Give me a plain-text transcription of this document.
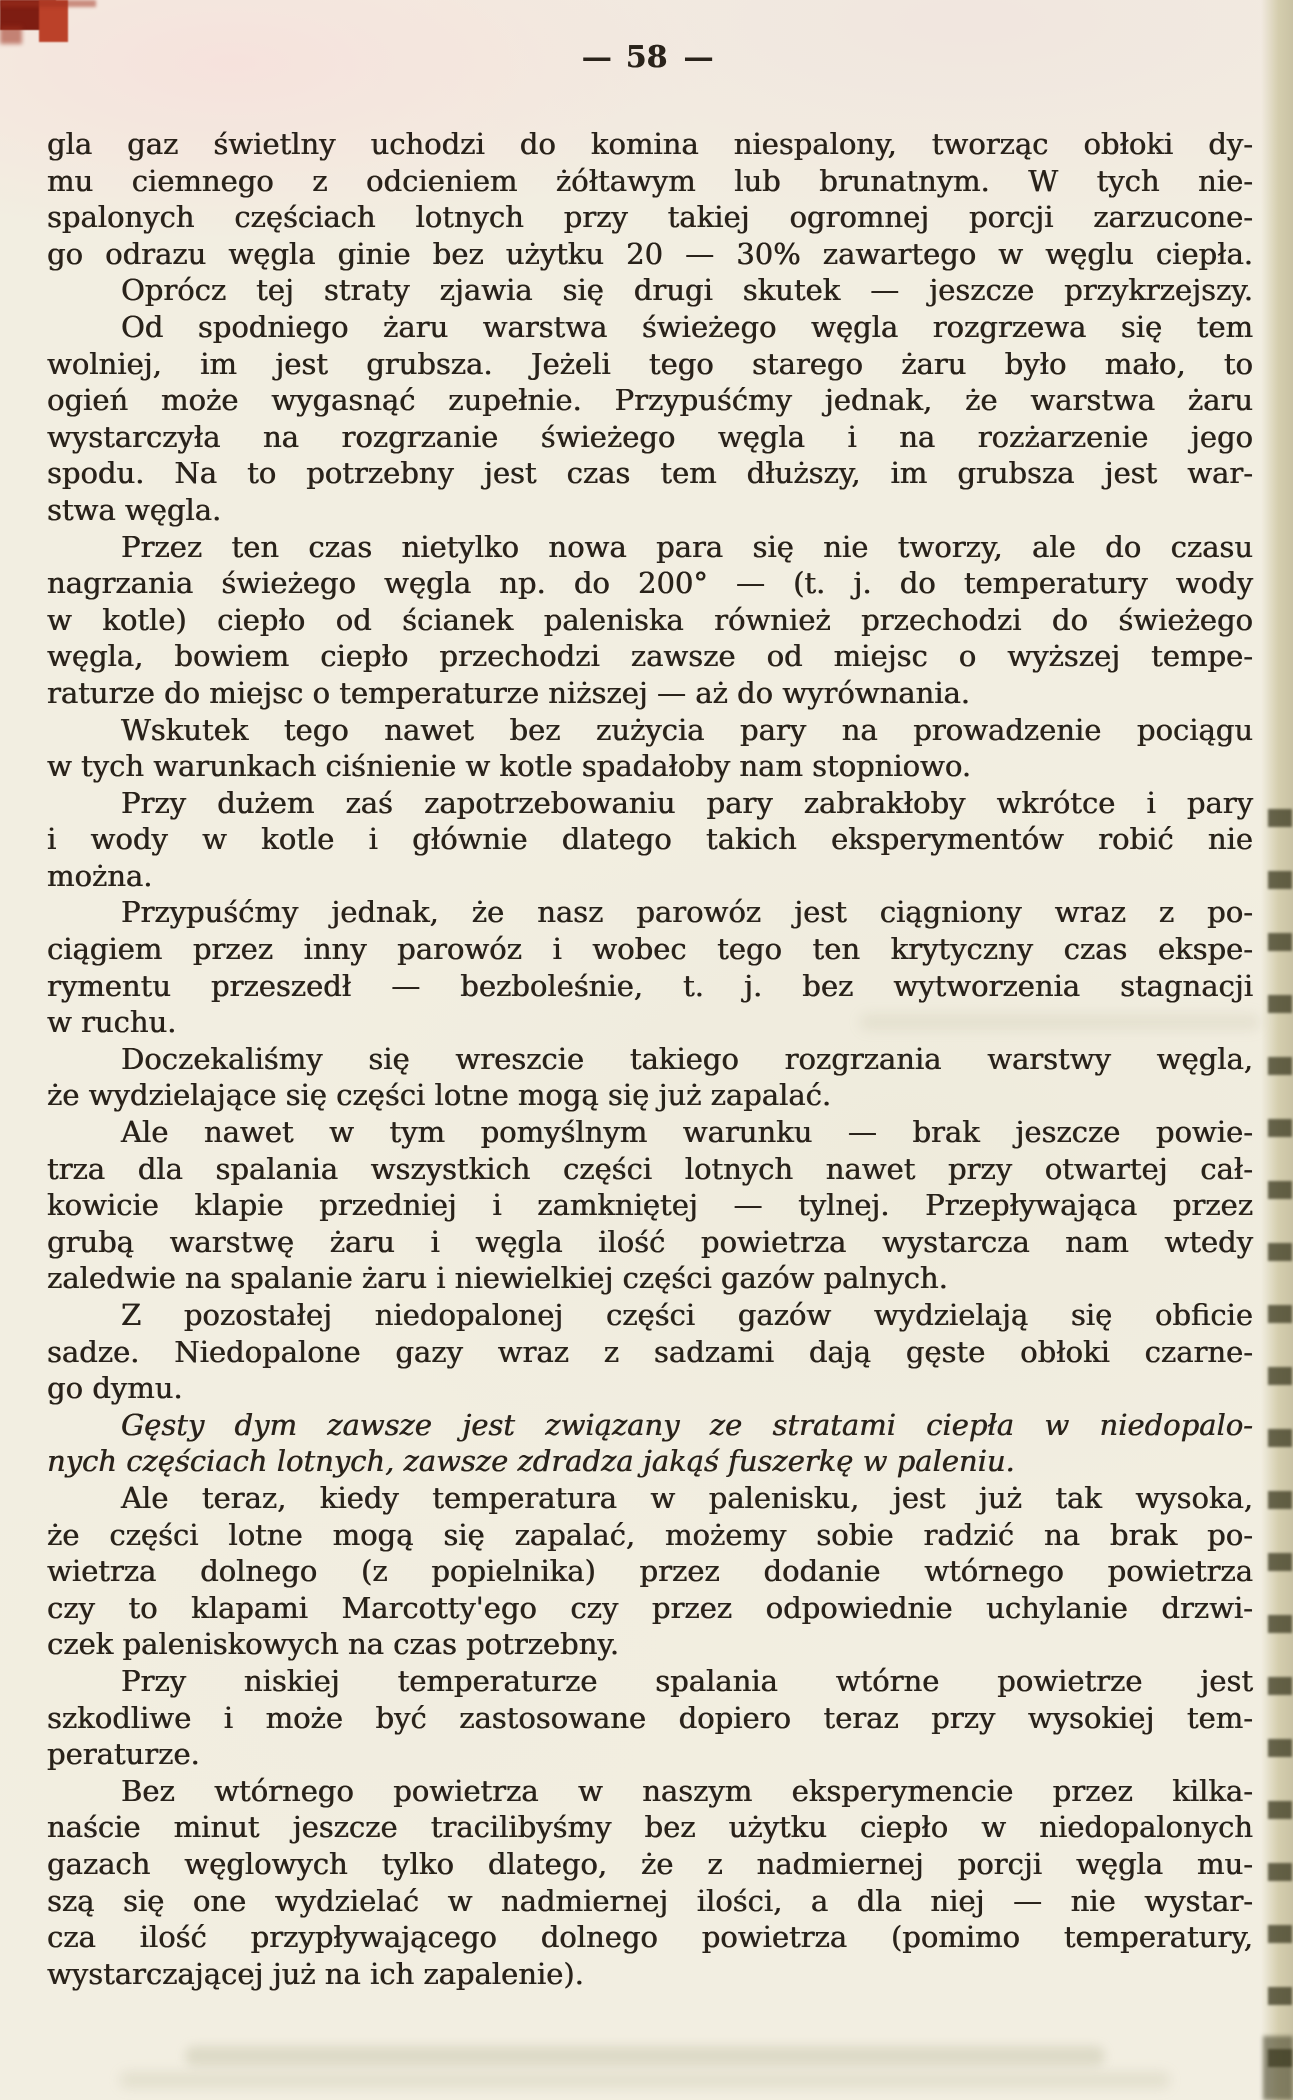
— 58 —
gla gaz świetlny uchodzi do komina niespalony, tworząc obłoki dy-
mu ciemnego z odcieniem żółtawym lub brunatnym. W tych nie-
spalonych częściach lotnych przy takiej ogromnej porcji zarzucone-
go odrazu węgla ginie bez użytku 20 — 30% zawartego w węglu ciepła.
Oprócz tej straty zjawia się drugi skutek — jeszcze przykrzejszy.
Od spodniego żaru warstwa świeżego węgla rozgrzewa się tem
wolniej, im jest grubsza. Jeżeli tego starego żaru było mało, to
ogień może wygasnąć zupełnie. Przypuśćmy jednak, że warstwa żaru
wystarczyła na rozgrzanie świeżego węgla i na rozżarzenie jego
spodu. Na to potrzebny jest czas tem dłuższy, im grubsza jest war-
stwa węgla.
Przez ten czas nietylko nowa para się nie tworzy, ale do czasu
nagrzania świeżego węgla np. do 200° — (t. j. do temperatury wody
w kotle) ciepło od ścianek paleniska również przechodzi do świeżego
węgla, bowiem ciepło przechodzi zawsze od miejsc o wyższej tempe-
raturze do miejsc o temperaturze niższej — aż do wyrównania.
Wskutek tego nawet bez zużycia pary na prowadzenie pociągu
w tych warunkach ciśnienie w kotle spadałoby nam stopniowo.
Przy dużem zaś zapotrzebowaniu pary zabrakłoby wkrótce i pary
i wody w kotle i głównie dlatego takich eksperymentów robić nie
można.
Przypuśćmy jednak, że nasz parowóz jest ciągniony wraz z po-
ciągiem przez inny parowóz i wobec tego ten krytyczny czas ekspe-
rymentu przeszedł — bezboleśnie, t. j. bez wytworzenia stagnacji
w ruchu.
Doczekaliśmy się wreszcie takiego rozgrzania warstwy węgla,
że wydzielające się części lotne mogą się już zapalać.
Ale nawet w tym pomyślnym warunku — brak jeszcze powie-
trza dla spalania wszystkich części lotnych nawet przy otwartej cał-
kowicie klapie przedniej i zamkniętej — tylnej. Przepływająca przez
grubą warstwę żaru i węgla ilość powietrza wystarcza nam wtedy
zaledwie na spalanie żaru i niewielkiej części gazów palnych.
Z pozostałej niedopalonej części gazów wydzielają się obficie
sadze. Niedopalone gazy wraz z sadzami dają gęste obłoki czarne-
go dymu.
Gęsty dym zawsze jest związany ze stratami ciepła w niedopalo-
nych częściach lotnych, zawsze zdradza jakąś fuszerkę w paleniu.
Ale teraz, kiedy temperatura w palenisku, jest już tak wysoka,
że części lotne mogą się zapalać, możemy sobie radzić na brak po-
wietrza dolnego (z popielnika) przez dodanie wtórnego powietrza
czy to klapami Marcotty'ego czy przez odpowiednie uchylanie drzwi-
czek paleniskowych na czas potrzebny.
Przy niskiej temperaturze spalania wtórne powietrze jest
szkodliwe i może być zastosowane dopiero teraz przy wysokiej tem-
peraturze.
Bez wtórnego powietrza w naszym eksperymencie przez kilka-
naście minut jeszcze tracilibyśmy bez użytku ciepło w niedopalonych
gazach węglowych tylko dlatego, że z nadmiernej porcji węgla mu-
szą się one wydzielać w nadmiernej ilości, a dla niej — nie wystar-
cza ilość przypływającego dolnego powietrza (pomimo temperatury,
wystarczającej już na ich zapalenie).
